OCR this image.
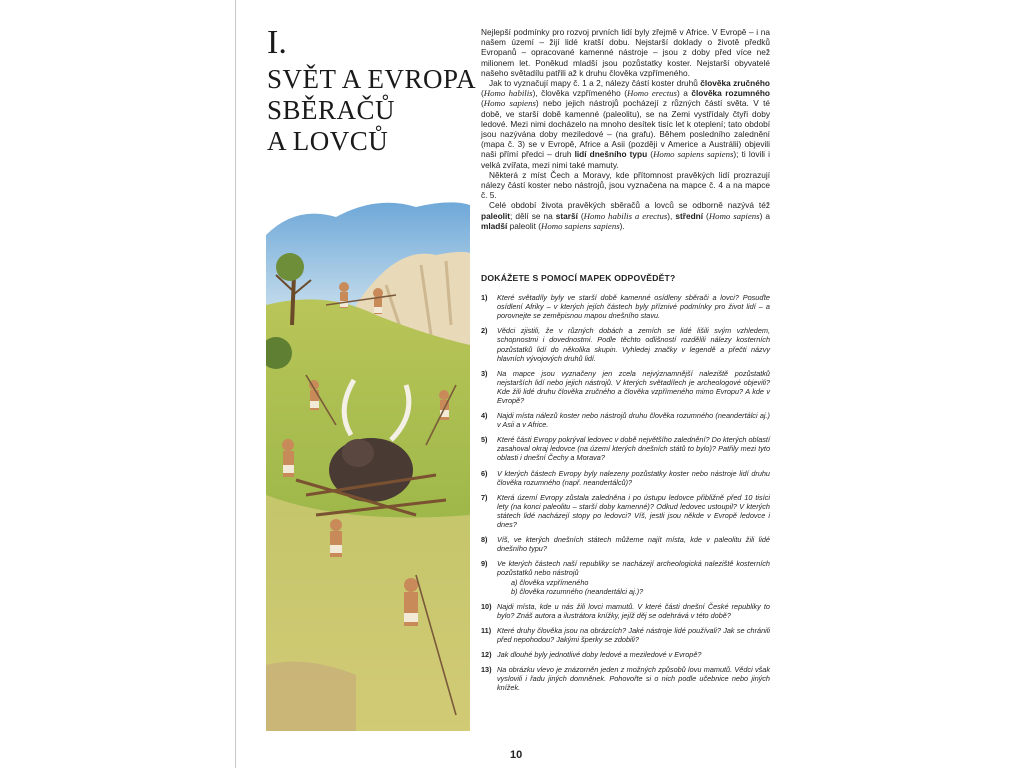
I.
SVĚT A EVROPA
SBĚRAČŮ
A LOVCŮ

Nejlepší podmínky pro rozvoj prvních lidí byly zřejmě v Africe. V Evropě – i na našem území – žijí lidé kratší dobu. Nejstarší doklady o životě předků Evropanů – opracované kamenné nástroje – jsou z doby před více než milionem let. Poněkud mladší jsou pozůstatky koster. Nejstarší obyvatelé našeho světadílu patřili až k druhu člověka vzpřímeného.

Jak to vyznačují mapy č. 1 a 2, nálezy částí koster druhů člověka zručného (Homo habilis), člověka vzpřímeného (Homo erectus) a člověka rozumného (Homo sapiens) nebo jejich nástrojů pocházejí z různých částí světa. V té době, ve starší době kamenné (paleolitu), se na Zemi vystřídaly čtyři doby ledové. Mezi nimi docházelo na mnoho desítek tisíc let k oteplení; tato období jsou nazývána doby meziledové – (na grafu). Během posledního zalednění (mapa č. 3) se v Evropě, Africe a Asii (později v Americe a Austrálii) objevili naši přímí předci – druh lidí dnešního typu (Homo sapiens sapiens); ti lovili i velká zvířata, mezi nimi také mamuty.

Některá z míst Čech a Moravy, kde přítomnost pravěkých lidí prozrazují nálezy částí koster nebo nástrojů, jsou vyznačena na mapce č. 4 a na mapce č. 5.

Celé období života pravěkých sběračů a lovců se odborně nazývá též paleolit; dělí se na starší (Homo habilis a erectus), střední (Homo sapiens) a mladší paleolit (Homo sapiens sapiens).

DOKÁŽETE S POMOCÍ MAPEK ODPOVĚDĚT?
1)	Které světadíly byly ve starší době kamenné osídleny sběrači a lovci? Posuďte osídlení Afriky – v kterých jejích částech byly příznivé podmínky pro život lidí – a porovnejte se zeměpisnou mapou dnešního stavu.
2)	Vědci zjistili, že v různých dobách a zemích se lidé lišili svým vzhledem, schopnostmi i dovednostmi. Podle těchto odlišností rozdělili nálezy kosterních pozůstatků lidí do několika skupin. Vyhledej značky v legendě a přečti názvy hlavních vývojových druhů lidí.
3)	Na mapce jsou vyznačeny jen zcela nejvýznamnější naleziště pozůstatků nejstarších lidí nebo jejich nástrojů. V kterých světadílech je archeologové objevili? Kde žili lidé druhu člověka zručného a člověka vzpřímeného mimo Evropu? A kde v Evropě?
4)	Najdi místa nálezů koster nebo nástrojů druhu člověka rozumného (neandertálci aj.) v Asii a v Africe.
5)	Které části Evropy pokrýval ledovec v době největšího zalednění? Do kterých oblastí zasahoval okraj ledovce (na území kterých dnešních států to bylo)? Patřily mezi tyto oblasti i dnešní Čechy a Morava?
6)	V kterých částech Evropy byly nalezeny pozůstatky koster nebo nástroje lidí druhu člověka rozumného (např. neandertálců)?
7)	Která území Evropy zůstala zaledněna i po ústupu ledovce přibližně před 10 tisíci lety (na konci paleolitu – starší doby kamenné)? Odkud ledovec ustoupil? V kterých státech lidé nacházejí stopy po ledovci? Víš, jestli jsou někde v Evropě ledovce i dnes?
8)	Víš, ve kterých dnešních státech můžeme najít místa, kde v paleolitu žili lidé dnešního typu?
9)	Ve kterých částech naší republiky se nacházejí archeologická naleziště kosterních pozůstatků nebo nástrojů
a) člověka vzpřímeného
b) člověka rozumného (neandertálci aj.)?
10) Najdi místa, kde u nás žili lovci mamutů. V které části dnešní České republiky to bylo? Znáš autora a ilustrátora knížky, jejíž děj se odehrává v této době?
11) Které druhy člověka jsou na obrázcích? Jaké nástroje lidé používali? Jak se chránili před nepohodou? Jakými šperky se zdobili?
12) Jak dlouhé byly jednotlivé doby ledové a meziledové v Evropě?
13) Na obrázku vlevo je znázorněn jeden z možných způsobů lovu mamutů. Vědci však vyslovili i řadu jiných domněnek. Pohovořte si o nich podle učebnice nebo jiných knížek.
10
